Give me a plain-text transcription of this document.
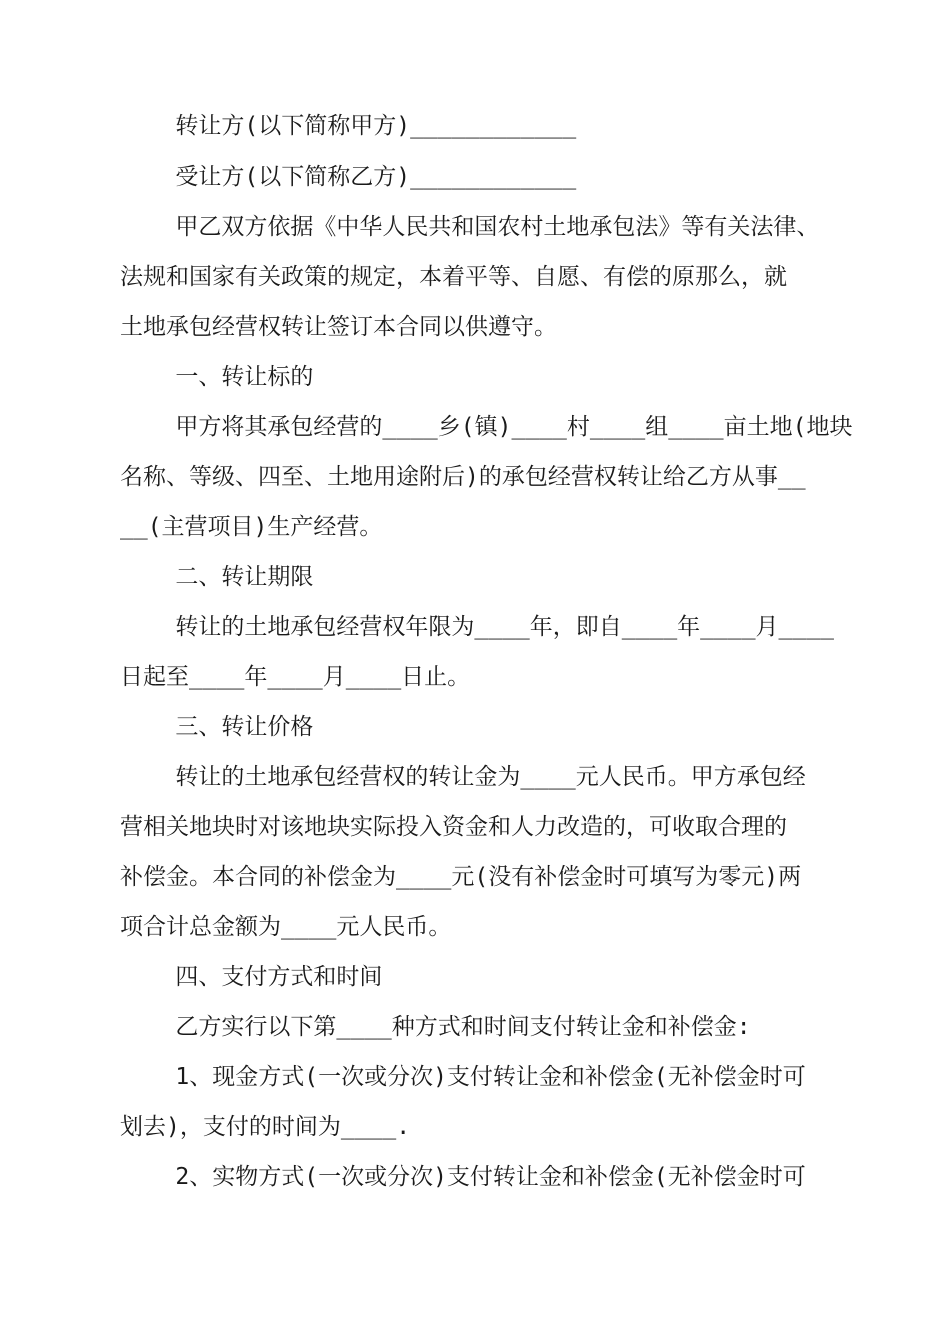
转让方(以下简称甲方)____________
受让方(以下简称乙方)____________
甲乙双方依据《中华人民共和国农村土地承包法》等有关法律、
法规和国家有关政策的规定，本着平等、自愿、有偿的原那么，就
土地承包经营权转让签订本合同以供遵守。
一、转让标的
甲方将其承包经营的____乡(镇)____村____组____亩土地(地块
名称、等级、四至、土地用途附后)的承包经营权转让给乙方从事__
__(主营项目)生产经营。
二、转让期限
转让的土地承包经营权年限为____年，即自____年____月____
日起至____年____月____日止。
三、转让价格
转让的土地承包经营权的转让金为____元人民币。甲方承包经
营相关地块时对该地块实际投入资金和人力改造的，可收取合理的
补偿金。本合同的补偿金为____元(没有补偿金时可填写为零元)两
项合计总金额为____元人民币。
四、支付方式和时间
乙方实行以下第____种方式和时间支付转让金和补偿金:
1、现金方式(一次或分次)支付转让金和补偿金(无补偿金时可
划去)，支付的时间为____.
2、实物方式(一次或分次)支付转让金和补偿金(无补偿金时可
